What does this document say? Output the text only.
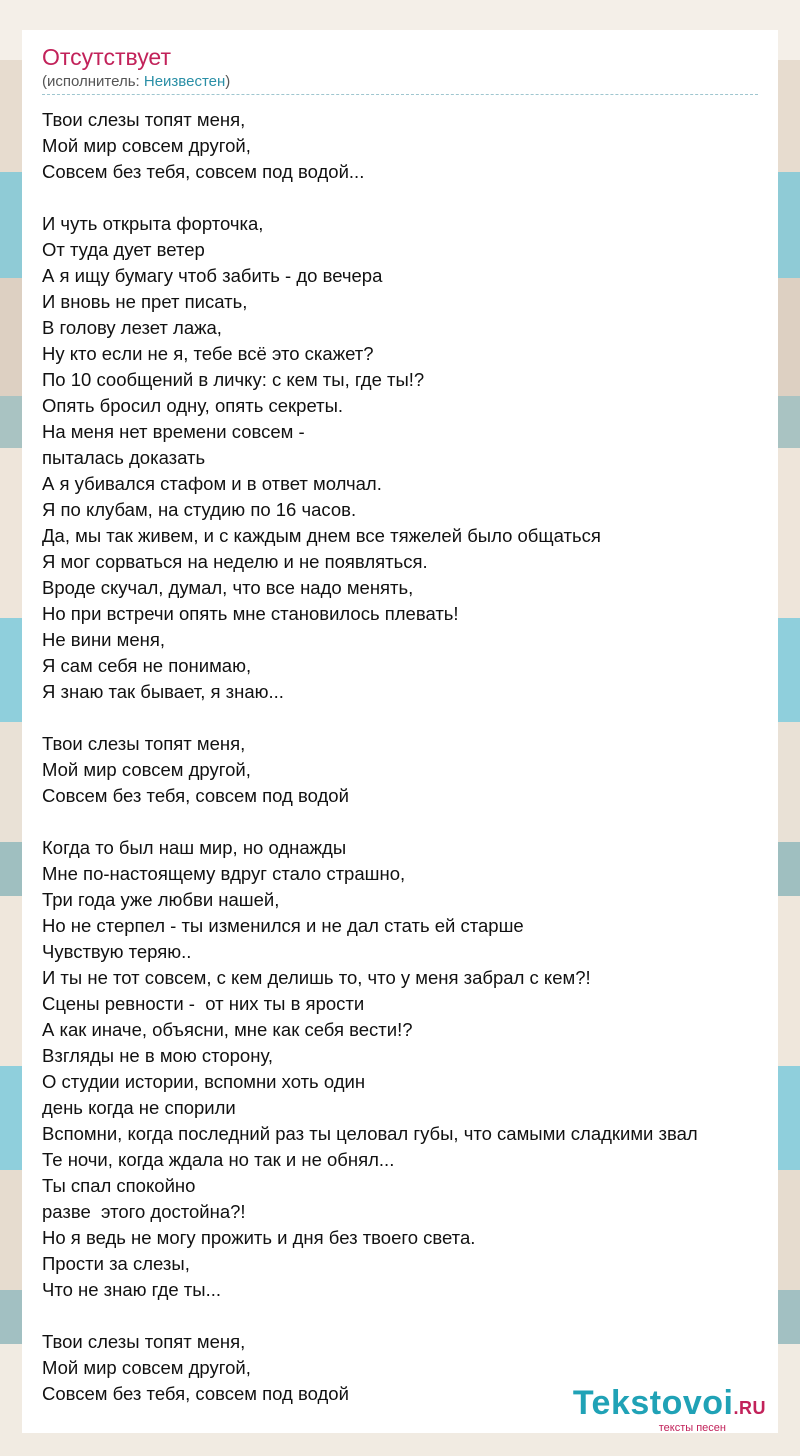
Отсутствует
(исполнитель: Неизвестен)
Твои слезы топят меня,
Мой мир совсем другой,
Совсем без тебя, совсем под водой...
И чуть открыта форточка,
От туда дует ветер
А я ищу бумагу чтоб забить - до вечера
И вновь не прет писать,
В голову лезет лажа,
Ну кто если не я, тебе всё это скажет?
По 10 сообщений в личку: с кем ты, где ты!?
Опять бросил одну, опять секреты.
На меня нет времени совсем -
пыталась доказать
А я убивался стафом и в ответ молчал.
Я по клубам, на студию по 16 часов.
Да, мы так живем, и с каждым днем все тяжелей было общаться
Я мог сорваться на неделю и не появляться.
Вроде скучал, думал, что все надо менять,
Но при встречи опять мне становилось плевать!
Не вини меня,
Я сам себя не понимаю,
Я знаю так бывает, я знаю...
Твои слезы топят меня,
Мой мир совсем другой,
Совсем без тебя, совсем под водой
Когда то был наш мир, но однажды
Мне по-настоящему вдруг стало страшно,
Три года уже любви нашей,
Но не стерпел - ты изменился и не дал стать ей старше
Чувствую теряю..
И ты не тот совсем, с кем делишь то, что у меня забрал с кем?!
Сцены ревности -  от них ты в ярости
А как иначе, объясни, мне как себя вести!?
Взгляды не в мою сторону,
О студии истории, вспомни хоть один
день когда не спорили
Вспомни, когда последний раз ты целовал губы, что самыми сладкими звал
Те ночи, когда ждала но так и не обнял...
Ты спал спокойно
разве  этого достойна?!
Но я ведь не могу прожить и дня без твоего света.
Прости за слезы,
Что не знаю где ты...
Твои слезы топят меня,
Мой мир совсем другой,
Совсем без тебя, совсем под водой	Tekstovoi.RU
тексты песен
